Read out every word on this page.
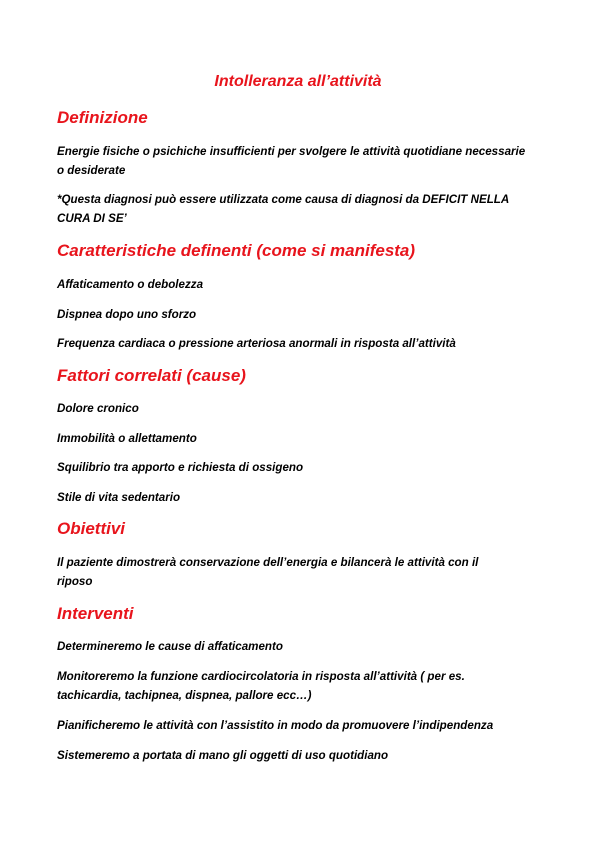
Intolleranza all’attività
Definizione

Energie fisiche o psichiche insufficienti per svolgere le attività quotidiane necessarie o desiderate

*Questa diagnosi può essere utilizzata come causa di diagnosi da DEFICIT NELLA CURA DI SE’

Caratteristiche definenti (come si manifesta)

Affaticamento o debolezza

Dispnea dopo uno sforzo

Frequenza cardiaca o pressione arteriosa anormali in risposta all’attività

Fattori correlati (cause)

Dolore cronico

Immobilità o allettamento

Squilibrio tra apporto e richiesta di ossigeno

Stile di vita sedentario

Obiettivi

Il paziente dimostrerà conservazione dell’energia e bilancerà le attività con il riposo

Interventi

Determineremo le cause di affaticamento

Monitoreremo la funzione cardiocircolatoria in risposta all’attività ( per es. tachicardia, tachipnea, dispnea, pallore ecc…)

Pianificheremo le attività con l’assistito in modo da promuovere l’indipendenza

Sistemeremo a portata di mano gli oggetti di uso quotidiano
